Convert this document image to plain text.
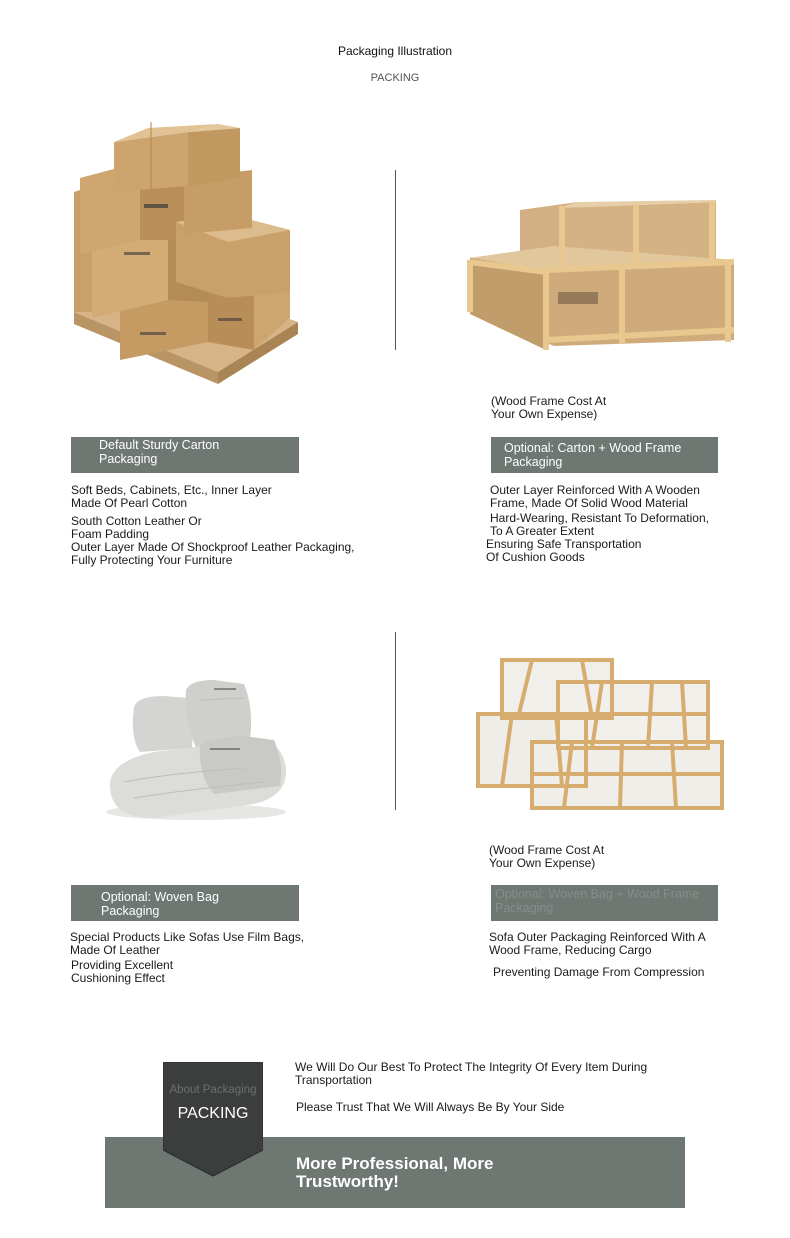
Packaging Illustration
PACKING
(Wood Frame Cost At
Your Own Expense)
Default Sturdy Carton
Packaging
Optional: Carton + Wood Frame
Packaging
Soft Beds, Cabinets, Etc., Inner Layer
Made Of Pearl Cotton
South Cotton Leather Or
Foam Padding
Outer Layer Made Of Shockproof Leather Packaging,
Fully Protecting Your Furniture
Outer Layer Reinforced With A Wooden
Frame, Made Of Solid Wood Material
Hard-Wearing, Resistant To Deformation,
To A Greater Extent
Ensuring Safe Transportation
Of Cushion Goods
(Wood Frame Cost At
Your Own Expense)
Optional: Woven Bag
Packaging
Optional: Woven Bag + Wood Frame
Packaging
Special Products Like Sofas Use Film Bags,
Made Of Leather
Providing Excellent
Cushioning Effect
Sofa Outer Packaging Reinforced With A
Wood Frame, Reducing Cargo
Preventing Damage From Compression
About Packaging
PACKING
We Will Do Our Best To Protect The Integrity Of Every Item During
Transportation
Please Trust That We Will Always Be By Your Side
More Professional, More
Trustworthy!
